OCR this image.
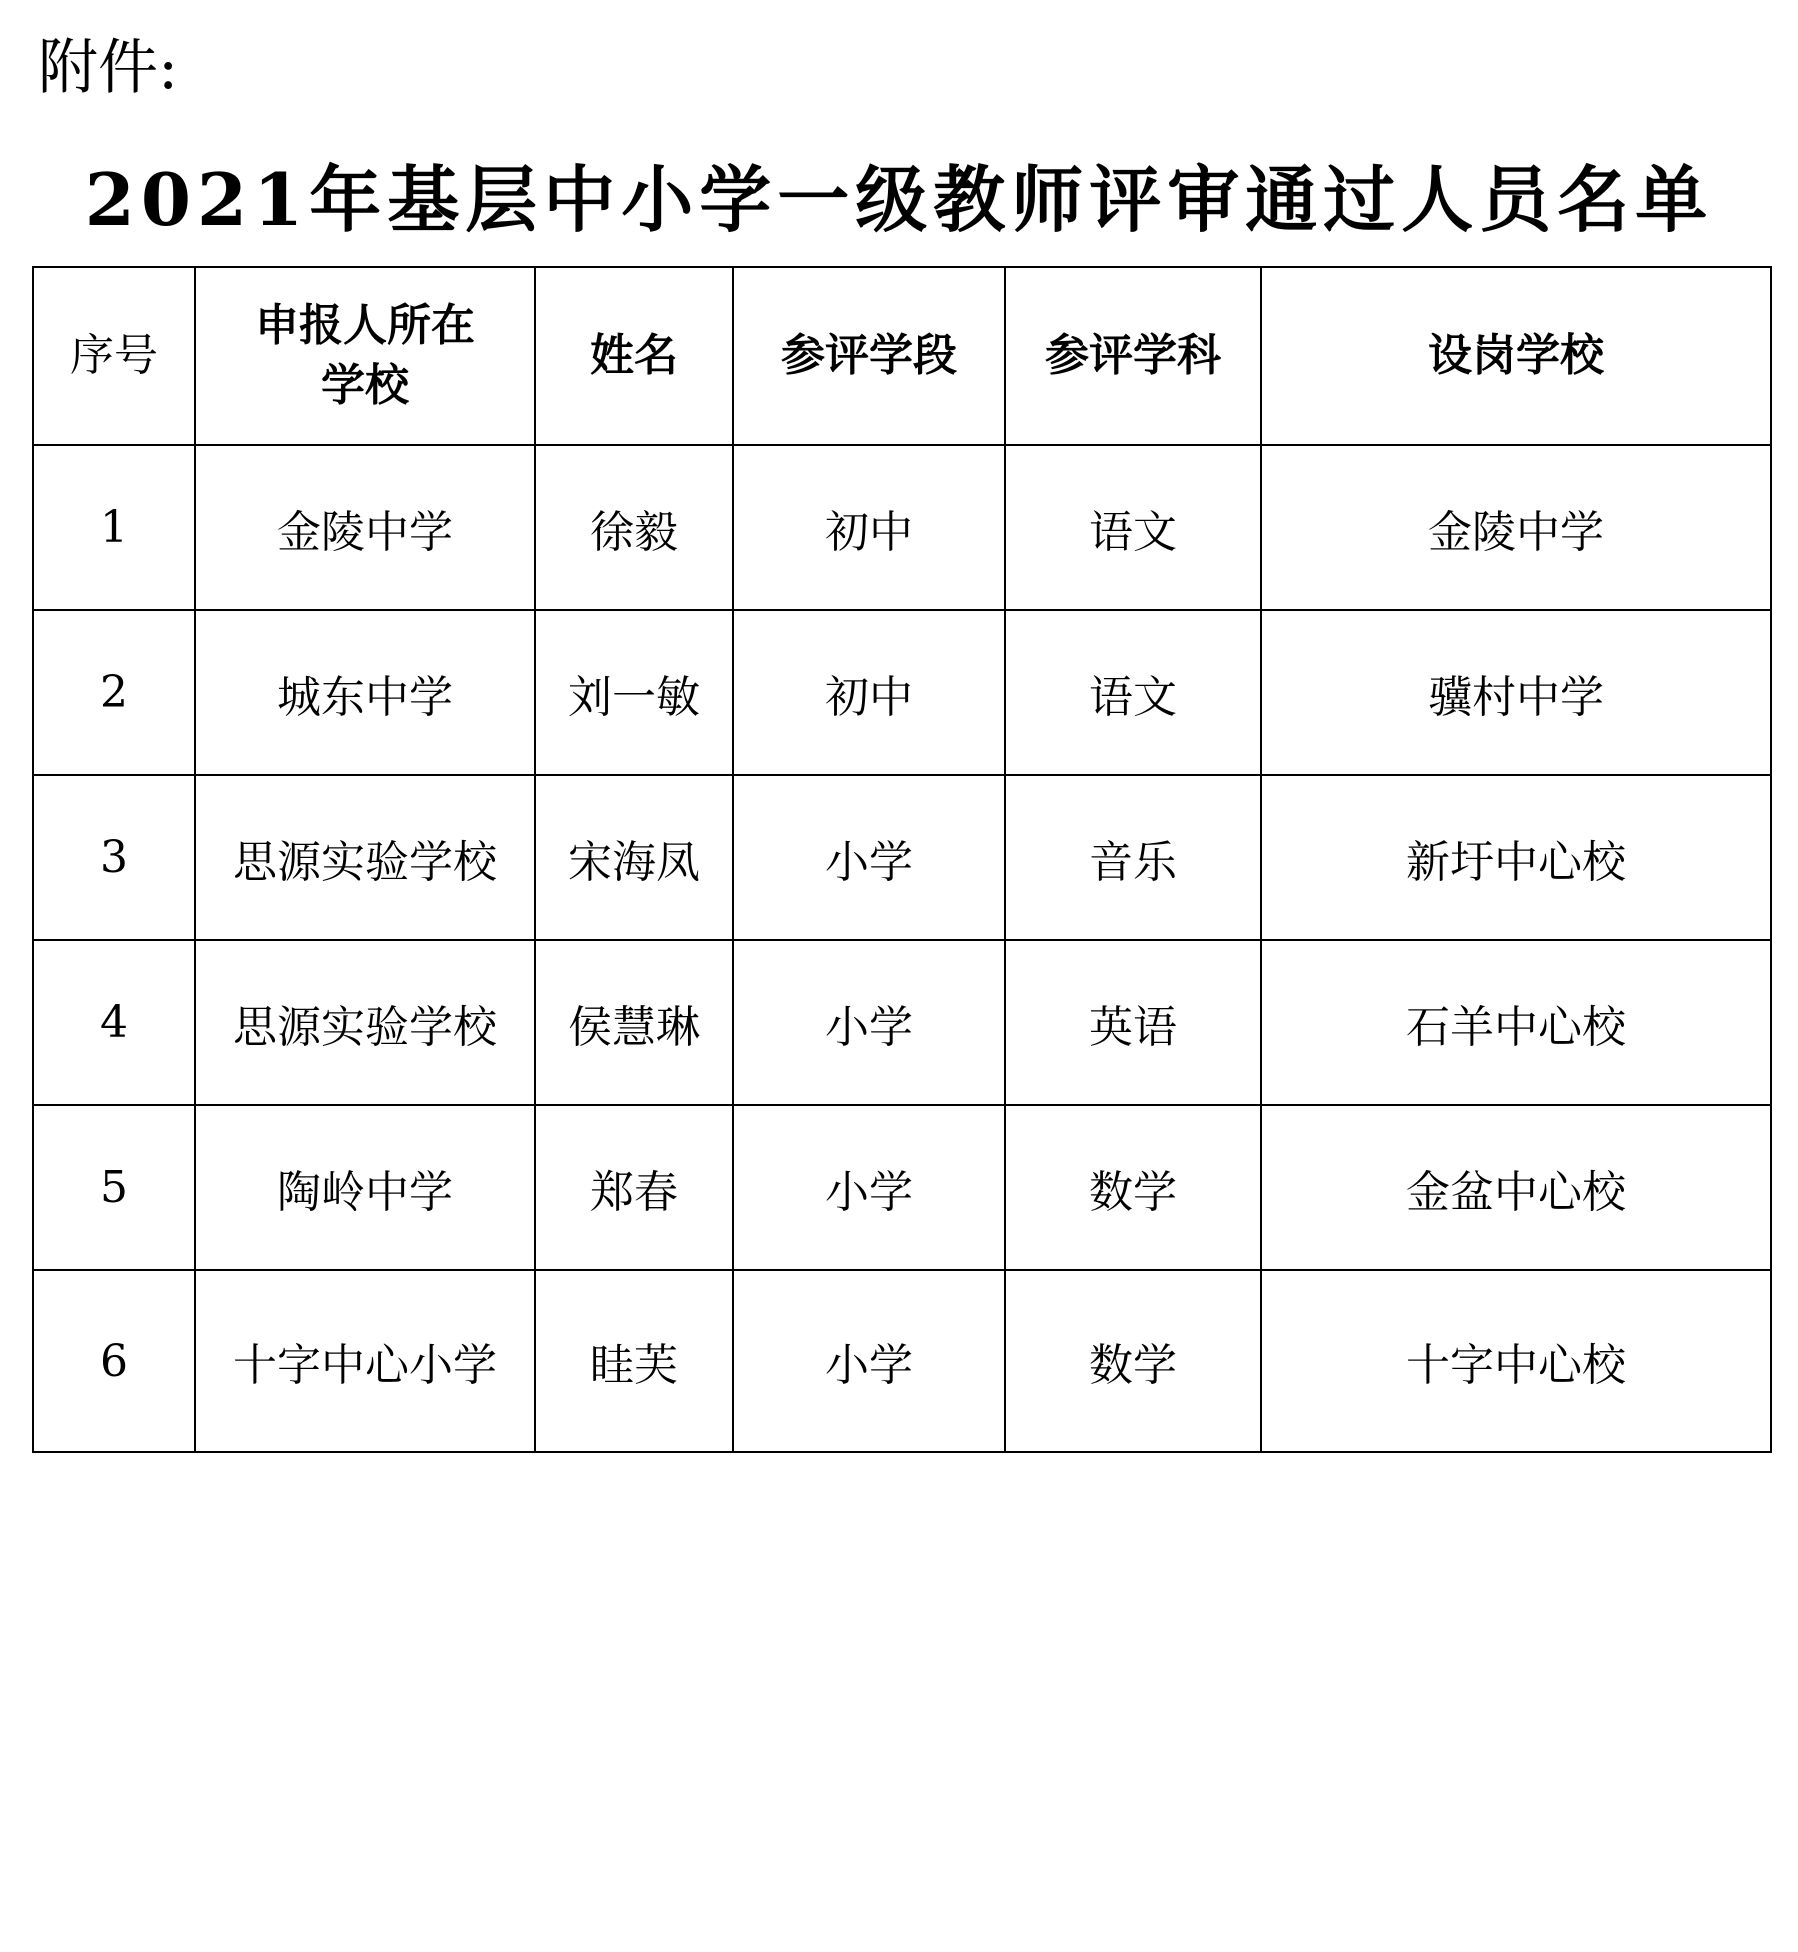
附件:
2021年基层中小学一级教师评审通过人员名单
序号	申报人所在学校	姓名	参评学段	参评学科	设岗学校
1	金陵中学	徐毅	初中	语文	金陵中学
2	城东中学	刘一敏	初中	语文	骥村中学
3	思源实验学校	宋海凤	小学	音乐	新圩中心校
4	思源实验学校	侯慧琳	小学	英语	石羊中心校
5	陶岭中学	郑春	小学	数学	金盆中心校
6	十字中心小学	眭芙	小学	数学	十字中心校
